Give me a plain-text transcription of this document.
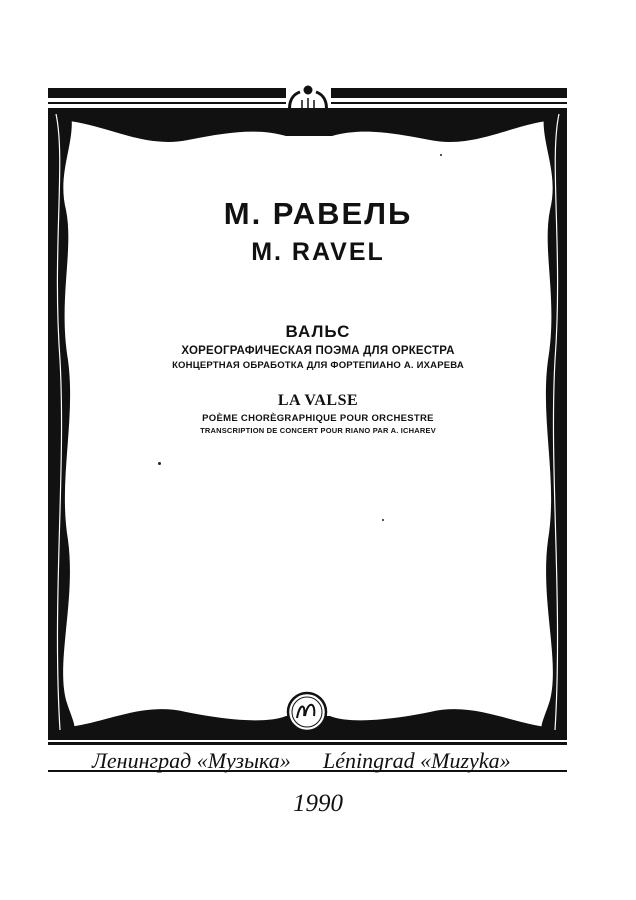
М. РАВЕЛЬ
M. RAVEL
ВАЛЬС
ХОРЕОГРАФИЧЕСКАЯ ПОЭМА ДЛЯ ОРКЕСТРА
КОНЦЕРТНАЯ ОБРАБОТКА ДЛЯ ФОРТЕПИАНО А. ИХАРЕВА
LA VALSE
POÈME CHORÈGRAPHIQUE POUR ORCHESTRE
TRANSCRIPTION DE CONCERT POUR RIANO PAR A. ICHAREV
Ленинград «Музыка» Léningrad «Muzyka»
1990
